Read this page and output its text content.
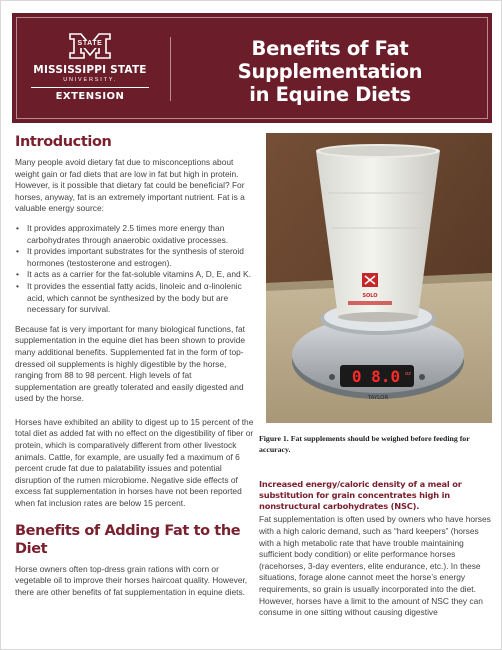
STATE
MISSISSIPPI STATE
UNIVERSITY.
EXTENSION
Benefits of Fat
Supplementation
in Equine Diets
Introduction

Many people avoid dietary fat due to misconceptions about weight gain or fad diets that are low in fat but high in protein. However, is it possible that dietary fat could be beneficial? For horses, anyway, fat is an extremely important nutrient. Fat is a valuable energy source:

• It provides approximately 2.5 times more energy than carbohydrates through anaerobic oxidative processes.
• It provides important substrates for the synthesis of steroid hormones (testosterone and estrogen).
• It acts as a carrier for the fat-soluble vitamins A, D, E, and K.
• It provides the essential fatty acids, linoleic and α-linolenic acid, which cannot be synthesized by the body but are necessary for survival.

Because fat is very important for many biological functions, fat supplementation in the equine diet has been shown to provide many additional benefits. Supplemented fat in the form of top-dressed oil supplements is highly digestible by the horse, ranging from 88 to 98 percent. High levels of fat supplementation are greatly tolerated and easily digested and used by the horse.

Horses have exhibited an ability to digest up to 15 percent of the total diet as added fat with no effect on the digestibility of fiber or protein, which is comparatively different from other livestock animals. Cattle, for example, are usually fed a maximum of 6 percent crude fat due to palatability issues and potential disruption of the rumen microbiome. Negative side effects of excess fat supplementation in horses have not been reported when fat inclusion rates are below 15 percent.

Benefits of Adding Fat to the Diet

Horse owners often top-dress grain rations with corn or vegetable oil to improve their horses haircoat quality. However, there are other benefits of fat supplementation in equine diets.

0 8.0 oz
TAYLOR
SOLO
Figure 1. Fat supplements should be weighed before feeding for accuracy.
Increased energy/caloric density of a meal or substitution for grain concentrates high in nonstructural carbohydrates (NSC).

Fat supplementation is often used by owners who have horses with a high caloric demand, such as “hard keepers” (horses with a high metabolic rate that have trouble maintaining sufficient body condition) or elite performance horses (racehorses, 3-day eventers, elite endurance, etc.). In these situations, forage alone cannot meet the horse’s energy requirements, so grain is usually incorporated into the diet. However, horses have a limit to the amount of NSC they can consume in one sitting without causing digestive
